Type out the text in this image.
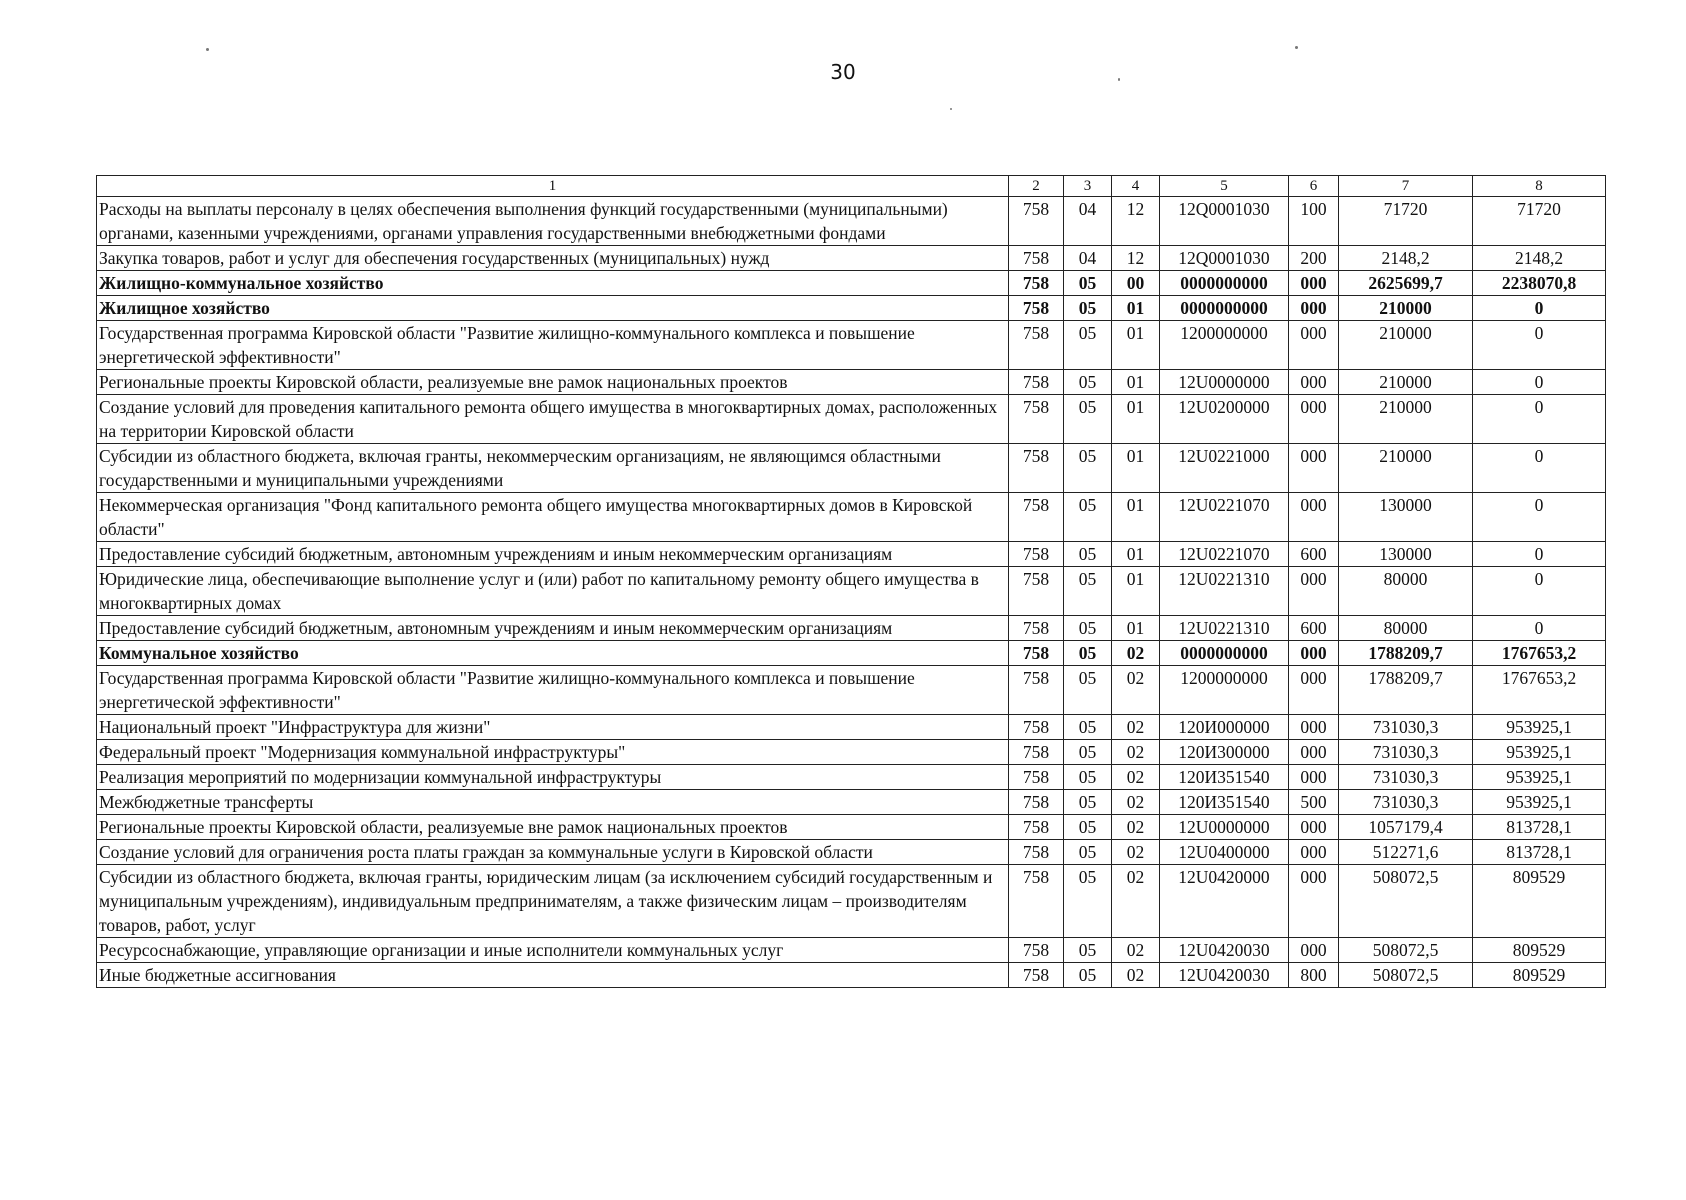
30
1	2	3	4	5	6	7	8
Расходы на выплаты персоналу в целях обеспечения выполнения функций государственными (муниципальными) органами, казенными учреждениями, органами управления государственными внебюджетными фондами	758	04	12	12Q0001030	100	71720	71720
Закупка товаров, работ и услуг для обеспечения государственных (муниципальных) нужд	758	04	12	12Q0001030	200	2148,2	2148,2
Жилищно-коммунальное хозяйство	758	05	00	0000000000	000	2625699,7	2238070,8
Жилищное хозяйство	758	05	01	0000000000	000	210000	0
Государственная программа Кировской области "Развитие жилищно-коммунального комплекса и повышение энергетической эффективности"	758	05	01	1200000000	000	210000	0
Региональные проекты Кировской области, реализуемые вне рамок национальных проектов	758	05	01	12U0000000	000	210000	0
Создание условий для проведения капитального ремонта общего имущества в многоквартирных домах, расположенных на территории Кировской области	758	05	01	12U0200000	000	210000	0
Субсидии из областного бюджета, включая гранты, некоммерческим организациям, не являющимся областными государственными и муниципальными учреждениями	758	05	01	12U0221000	000	210000	0
Некоммерческая организация "Фонд капитального ремонта общего имущества многоквартирных домов в Кировской области"	758	05	01	12U0221070	000	130000	0
Предоставление субсидий бюджетным, автономным учреждениям и иным некоммерческим организациям	758	05	01	12U0221070	600	130000	0
Юридические лица, обеспечивающие выполнение услуг и (или) работ по капитальному ремонту общего имущества в многоквартирных домах	758	05	01	12U0221310	000	80000	0
Предоставление субсидий бюджетным, автономным учреждениям и иным некоммерческим организациям	758	05	01	12U0221310	600	80000	0
Коммунальное хозяйство	758	05	02	0000000000	000	1788209,7	1767653,2
Государственная программа Кировской области "Развитие жилищно-коммунального комплекса и повышение энергетической эффективности"	758	05	02	1200000000	000	1788209,7	1767653,2
Национальный проект "Инфраструктура для жизни"	758	05	02	120И000000	000	731030,3	953925,1
Федеральный проект "Модернизация коммунальной инфраструктуры"	758	05	02	120И300000	000	731030,3	953925,1
Реализация мероприятий по модернизации коммунальной инфраструктуры	758	05	02	120И351540	000	731030,3	953925,1
Межбюджетные трансферты	758	05	02	120И351540	500	731030,3	953925,1
Региональные проекты Кировской области, реализуемые вне рамок национальных проектов	758	05	02	12U0000000	000	1057179,4	813728,1
Создание условий для ограничения роста платы граждан за коммунальные услуги в Кировской области	758	05	02	12U0400000	000	512271,6	813728,1
Субсидии из областного бюджета, включая гранты, юридическим лицам (за исключением субсидий государственным и муниципальным учреждениям), индивидуальным предпринимателям, а также физическим лицам – производителям товаров, работ, услуг	758	05	02	12U0420000	000	508072,5	809529
Ресурсоснабжающие, управляющие организации и иные исполнители коммунальных услуг	758	05	02	12U0420030	000	508072,5	809529
Иные бюджетные ассигнования	758	05	02	12U0420030	800	508072,5	809529
